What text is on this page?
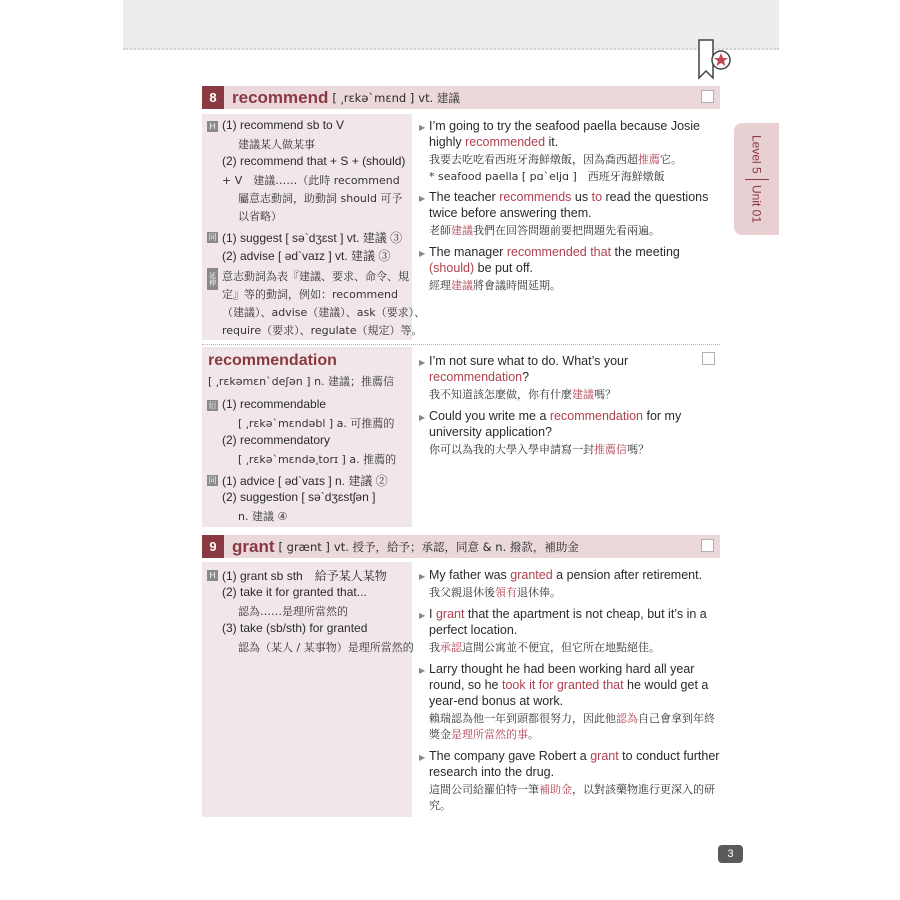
Level 5
Unit 01
8 recommend [ ͵rɛkə`mɛnd ] vt. 建議
H (1) recommend sb to V
建議某人做某事
(2) recommend that + S + (should)
+ V　建議……（此時 recommend
屬意志動詞，助動詞 should 可予
以省略）
同 (1) suggest [ sə`dʒɛst ] vt. 建議 ③
(2) advise [ əd`vaɪz ] vt. 建議 ③
延伸 意志動詞為表『建議、要求、命令、規
定』等的動詞，例如：recommend
（建議）、advise（建議）、ask（要求）、
require（要求）、regulate（規定）等。
▶ I’m going to try the seafood paella because Josie
highly recommended it.
我要去吃吃看西班牙海鮮燉飯，因為喬西超推薦它。
* seafood paella [ pɑ`eljɑ ]　西班牙海鮮燉飯
▶ The teacher recommends us to read the questions
twice before answering them.
老師建議我們在回答問題前要把問題先看兩遍。
▶ The manager recommended that the meeting
(should) be put off.
經理建議將會議時間延期。
recommendation
[ ͵rɛkəmɛn`deʃən ] n. 建議；推薦信
衍 (1) recommendable
[ ͵rɛkə`mɛndəbl ] a. 可推薦的
(2) recommendatory
[ ͵rɛkə`mɛndə͵torɪ ] a. 推薦的
同 (1) advice [ əd`vaɪs ] n. 建議 ②
(2) suggestion [ sə`dʒɛstʃən ]
n. 建議 ④
▶ I’m not sure what to do. What’s your
recommendation?
我不知道該怎麼做，你有什麼建議嗎？
▶ Could you write me a recommendation for my
university application?
你可以為我的大學入學申請寫一封推薦信嗎？
9 grant [ grænt ] vt. 授予，給予；承認，同意 & n. 撥款，補助金
H (1) grant sb sth　給予某人某物
(2) take it for granted that...
認為……是理所當然的
(3) take (sb/sth) for granted
認為（某人 / 某事物）是理所當然的
▶ My father was granted a pension after retirement.
我父親退休後領有退休俸。
▶ I grant that the apartment is not cheap, but it’s in a
perfect location.
我承認這間公寓並不便宜，但它所在地點絕佳。
▶ Larry thought he had been working hard all year
round, so he took it for granted that he would get a
year-end bonus at work.
賴瑞認為他一年到頭都很努力，因此他認為自己會拿到年終
獎金是理所當然的事。
▶ The company gave Robert a grant to conduct further
research into the drug.
這間公司給羅伯特一筆補助金，以對該藥物進行更深入的研
究。
3
